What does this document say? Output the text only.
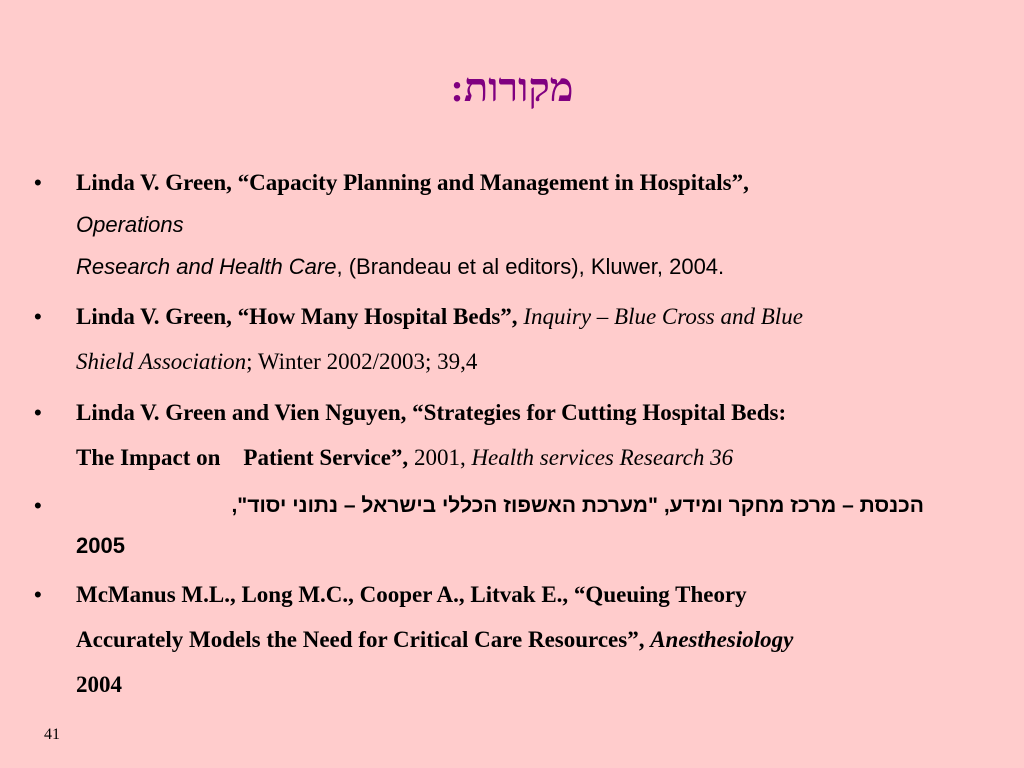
מקורות:
• Linda V. Green, “Capacity Planning and Management in Hospitals”,
Operations
Research and Health Care, (Brandeau et al editors), Kluwer, 2004.
• Linda V. Green, “How Many Hospital Beds”, Inquiry – Blue Cross and Blue
Shield Association; Winter 2002/2003; 39,4
• Linda V. Green and Vien Nguyen, “Strategies for Cutting Hospital Beds:
The Impact on    Patient Service”, 2001, Health services Research 36
•	הכנסת – מרכז מחקר ומידע, "מערכת האשפוז הכללי בישראל – נתוני יסוד",
2005
• McManus M.L., Long M.C., Cooper A., Litvak E., “Queuing Theory
Accurately Models the Need for Critical Care Resources”, Anesthesiology
2004
41
